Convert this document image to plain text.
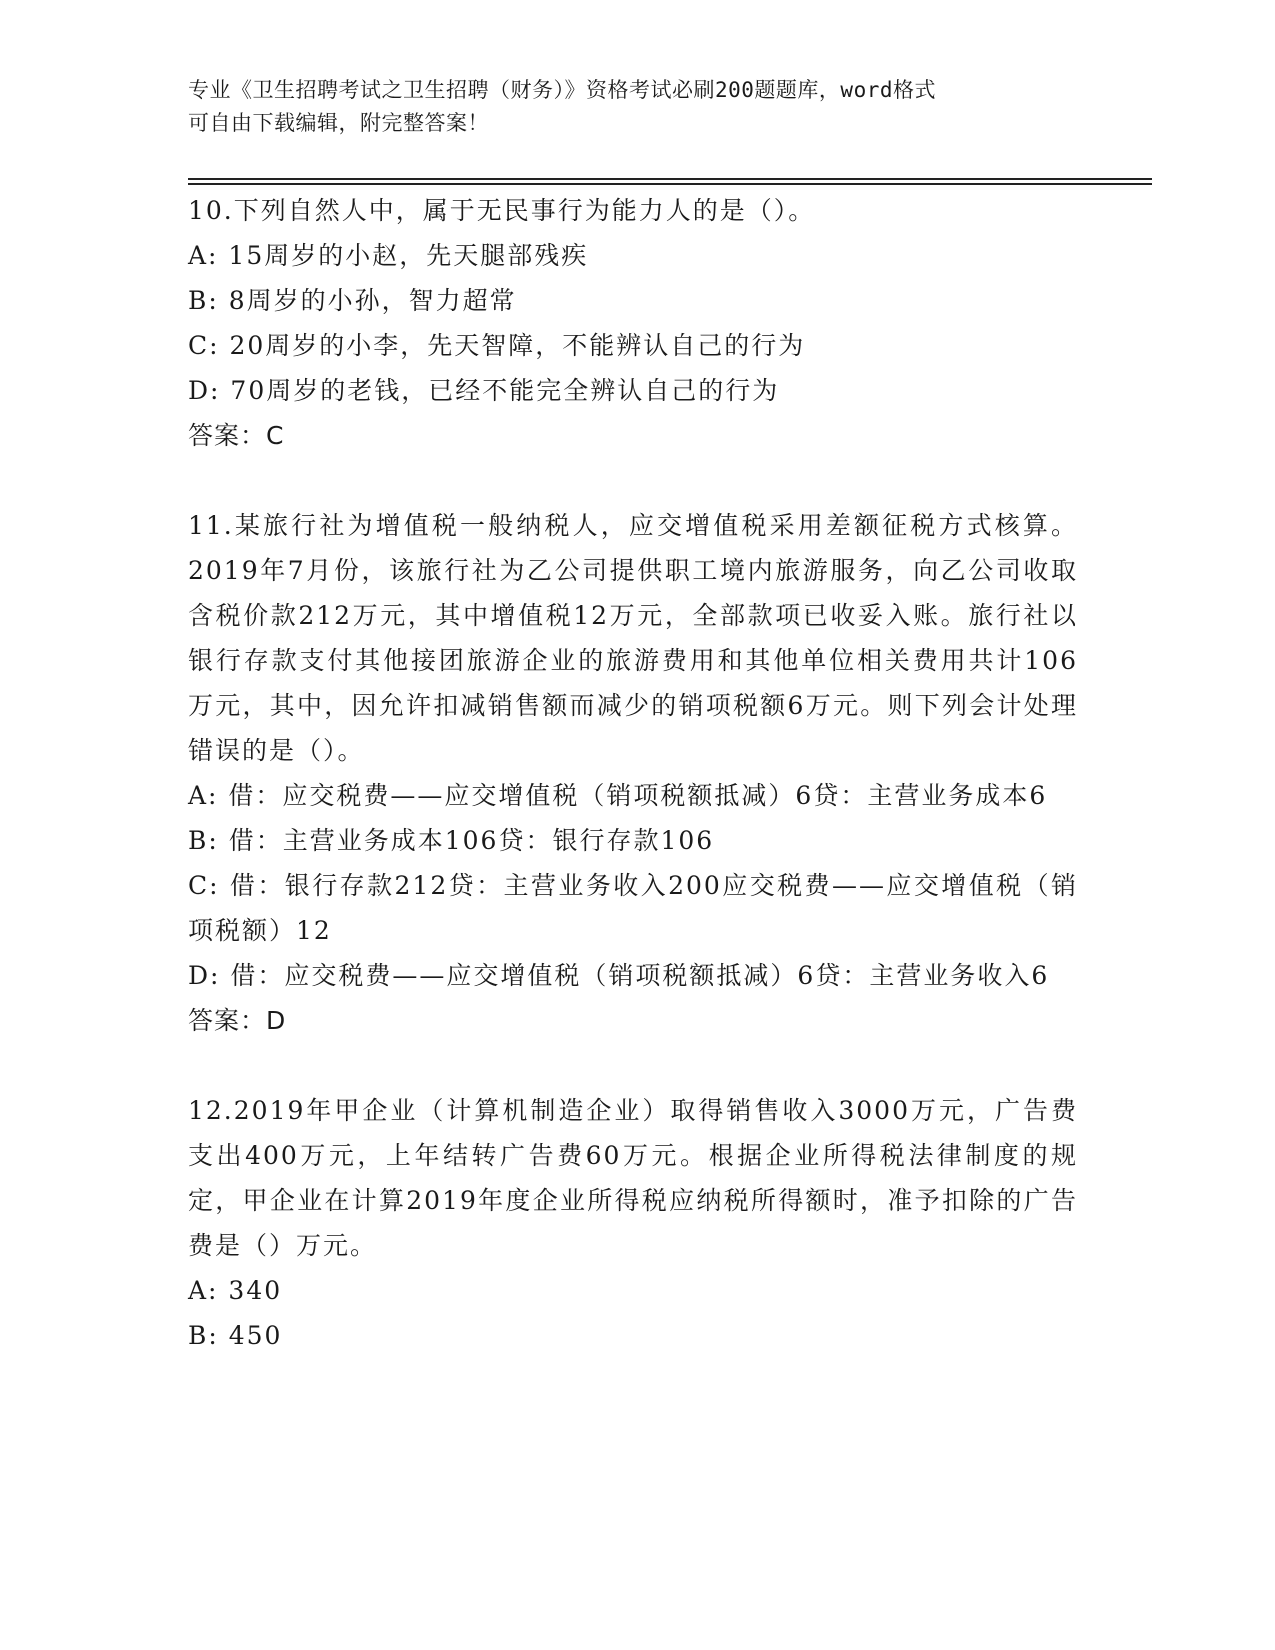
专业《卫生招聘考试之卫生招聘（财务）》资格考试必刷200题题库，word格式
可自由下载编辑，附完整答案！
10.下列自然人中，属于无民事行为能力人的是（）。
A: 15周岁的小赵，先天腿部残疾
B: 8周岁的小孙，智力超常
C: 20周岁的小李，先天智障，不能辨认自己的行为
D: 70周岁的老钱，已经不能完全辨认自己的行为
答案：C
11.某旅行社为增值税一般纳税人，应交增值税采用差额征税方式核算。2019年7月份，该旅行社为乙公司提供职工境内旅游服务，向乙公司收取含税价款212万元，其中增值税12万元，全部款项已收妥入账。旅行社以银行存款支付其他接团旅游企业的旅游费用和其他单位相关费用共计106万元，其中，因允许扣减销售额而减少的销项税额6万元。则下列会计处理错误的是（）。
A: 借：应交税费——应交增值税（销项税额抵减）6贷：主营业务成本6
B: 借：主营业务成本106贷：银行存款106
C: 借：银行存款212贷：主营业务收入200应交税费——应交增值税（销项税额）12
D: 借：应交税费——应交增值税（销项税额抵减）6贷：主营业务收入6
答案：D
12.2019年甲企业（计算机制造企业）取得销售收入3000万元，广告费支出400万元，上年结转广告费60万元。根据企业所得税法律制度的规定，甲企业在计算2019年度企业所得税应纳税所得额时，准予扣除的广告费是（）万元。
A: 340
B: 450
